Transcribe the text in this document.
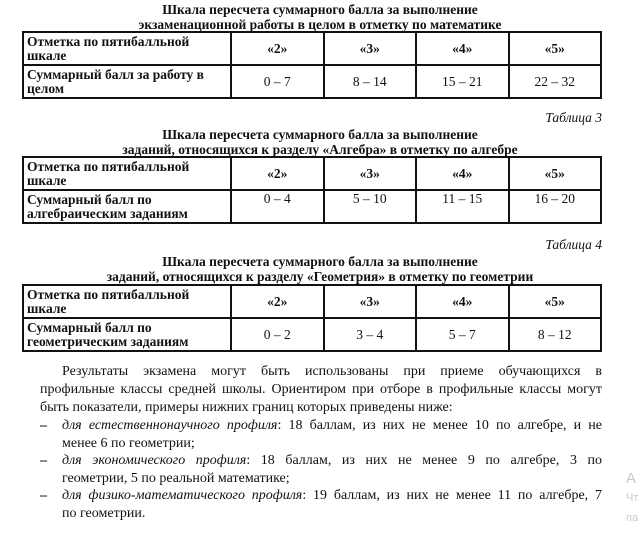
Шкала пересчета суммарного балла за выполнение
экзаменационной работы в целом в отметку по математике
Отметка по пятибалльной шкале	«2»	«3»	«4»	«5»
Суммарный балл за работу в целом	0 – 7	8 – 14	15 – 21	22 – 32
Таблица 3
Шкала пересчета суммарного балла за выполнение
заданий, относящихся к разделу «Алгебра» в отметку по алгебре
Отметка по пятибалльной шкале	«2»	«3»	«4»	«5»
Суммарный балл по алгебраическим заданиям	0 – 4	5 – 10	11 – 15	16 – 20
Таблица 4
Шкала пересчета суммарного балла за выполнение
заданий, относящихся к разделу «Геометрия» в отметку по геометрии
Отметка по пятибалльной шкале	«2»	«3»	«4»	«5»
Суммарный балл по геометрическим заданиям	0 – 2	3 – 4	5 – 7	8 – 12
Результаты экзамена могут быть использованы при приеме обучающихся в
профильные классы средней школы. Ориентиром при отборе в профильные классы могут
быть показатели, примеры нижних границ которых приведены ниже:
– для естественнонаучного профиля: 18 баллам, из них не менее 10 по алгебре, и не
менее 6 по геометрии;
– для экономического профиля: 18 баллам, из них не менее 9 по алгебре, 3 по
геометрии, 5 по реальной математике;
– для физико-математического профиля: 19 баллам, из них не менее 11 по алгебре, 7
по геометрии.
А
Чт
па
